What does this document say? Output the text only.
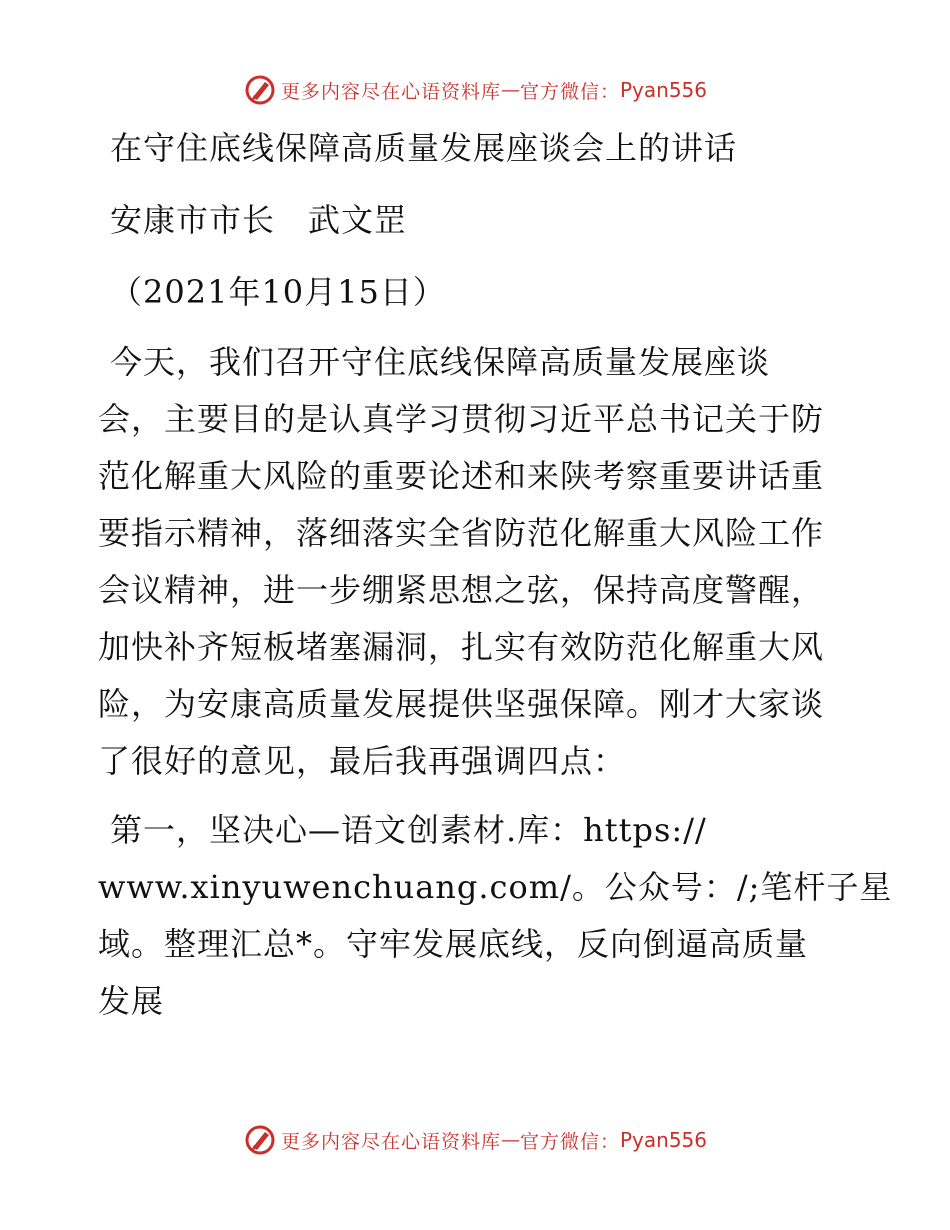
更多内容尽在心语资料库 — 官方微信： Pyan556
在守住底线保障高质量发展座谈会上的讲话
安康市市长　武文罡
（2021年10月15日）
今天，我们召开守住底线保障高质量发展座谈
会，主要目的是认真学习贯彻习近平总书记关于防
范化解重大风险的重要论述和来陕考察重要讲话重
要指示精神，落细落实全省防范化解重大风险工作
会议精神，进一步绷紧思想之弦，保持高度警醒，
加快补齐短板堵塞漏洞，扎实有效防范化解重大风
险，为安康高质量发展提供坚强保障。刚才大家谈
了很好的意见，最后我再强调四点：
第一，坚决心—语文创素材.库：https://
www.xinyuwenchuang.com/。公众号：/;笔杆子星
域。整理汇总*。守牢发展底线，反向倒逼高质量
发展
更多内容尽在心语资料库 — 官方微信： Pyan556
